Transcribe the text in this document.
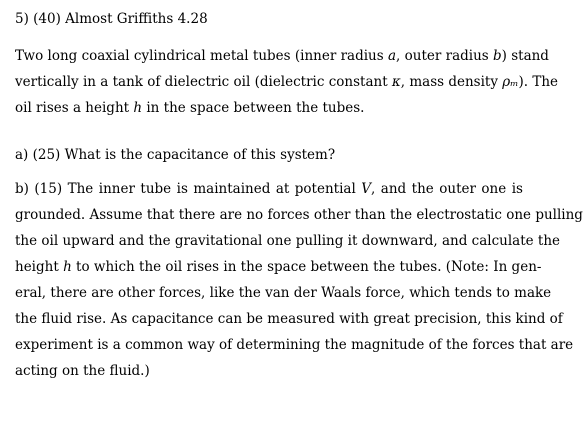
5) (40) Almost Griffiths 4.28
Two long coaxial cylindrical metal tubes (inner radius a, outer radius b) stand
vertically in a tank of dielectric oil (dielectric constant κ, mass density ρₘ). The
oil rises a height h in the space between the tubes.
a) (25) What is the capacitance of this system?
b) (15) The inner tube is maintained at potential V, and the outer one is
grounded. Assume that there are no forces other than the electrostatic one pulling
the oil upward and the gravitational one pulling it downward, and calculate the
height h to which the oil rises in the space between the tubes. (Note: In gen-
eral, there are other forces, like the van der Waals force, which tends to make
the fluid rise. As capacitance can be measured with great precision, this kind of
experiment is a common way of determining the magnitude of the forces that are
acting on the fluid.)
